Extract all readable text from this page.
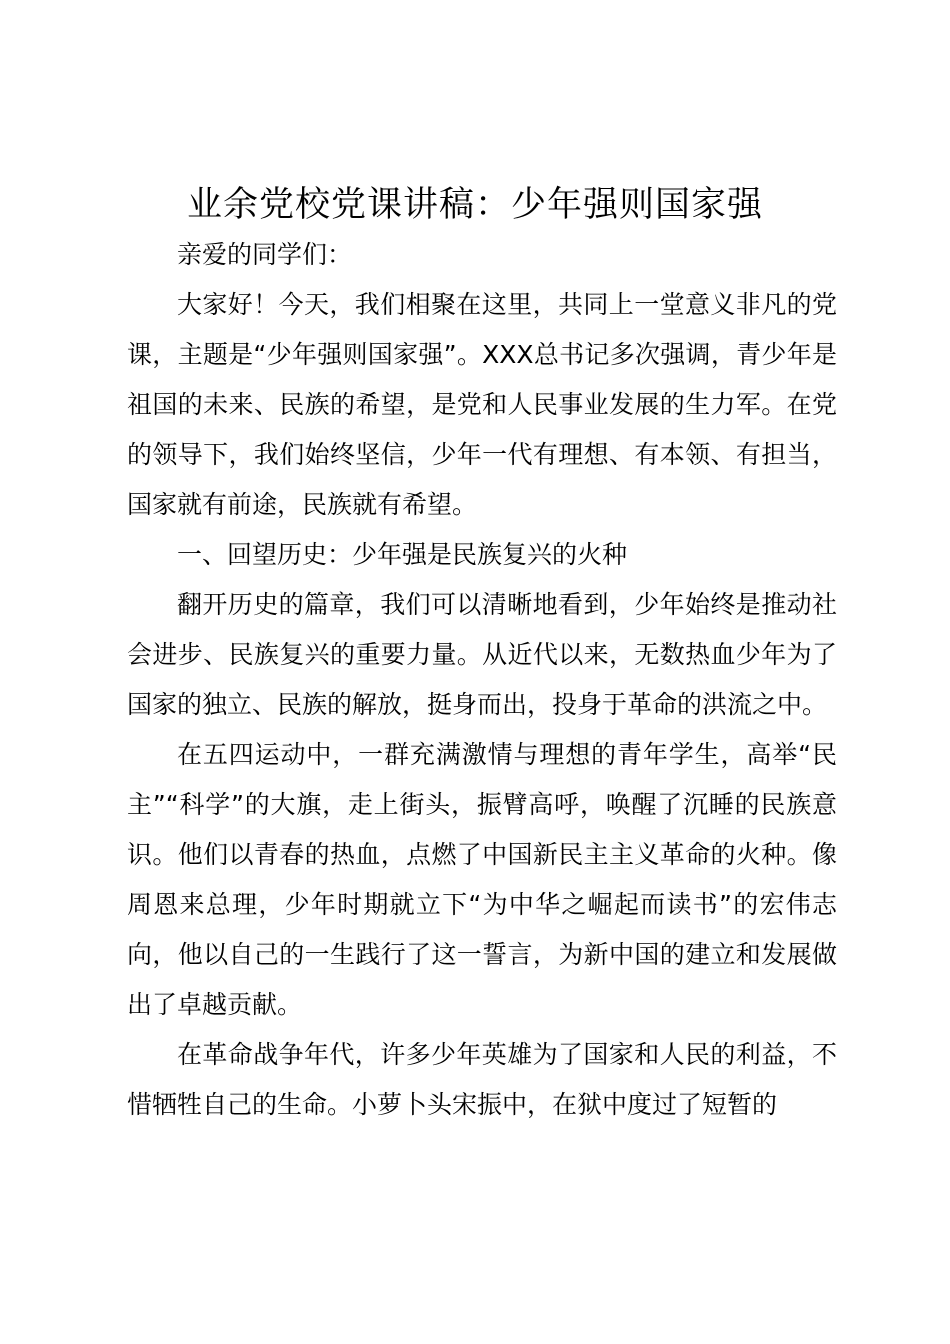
业余党校党课讲稿：少年强则国家强

亲爱的同学们：

大家好！今天，我们相聚在这里，共同上一堂意义非凡的党课，主题是“少年强则国家强”。XXX总书记多次强调，青少年是祖国的未来、民族的希望，是党和人民事业发展的生力军。在党的领导下，我们始终坚信，少年一代有理想、有本领、有担当，国家就有前途，民族就有希望。

一、回望历史：少年强是民族复兴的火种

翻开历史的篇章，我们可以清晰地看到，少年始终是推动社会进步、民族复兴的重要力量。从近代以来，无数热血少年为了国家的独立、民族的解放，挺身而出，投身于革命的洪流之中。

在五四运动中，一群充满激情与理想的青年学生，高举“民主”“科学”的大旗，走上街头，振臂高呼，唤醒了沉睡的民族意识。他们以青春的热血，点燃了中国新民主主义革命的火种。像周恩来总理，少年时期就立下“为中华之崛起而读书”的宏伟志向，他以自己的一生践行了这一誓言，为新中国的建立和发展做出了卓越贡献。

在革命战争年代，许多少年英雄为了国家和人民的利益，不惜牺牲自己的生命。小萝卜头宋振中，在狱中度过了短暂的
